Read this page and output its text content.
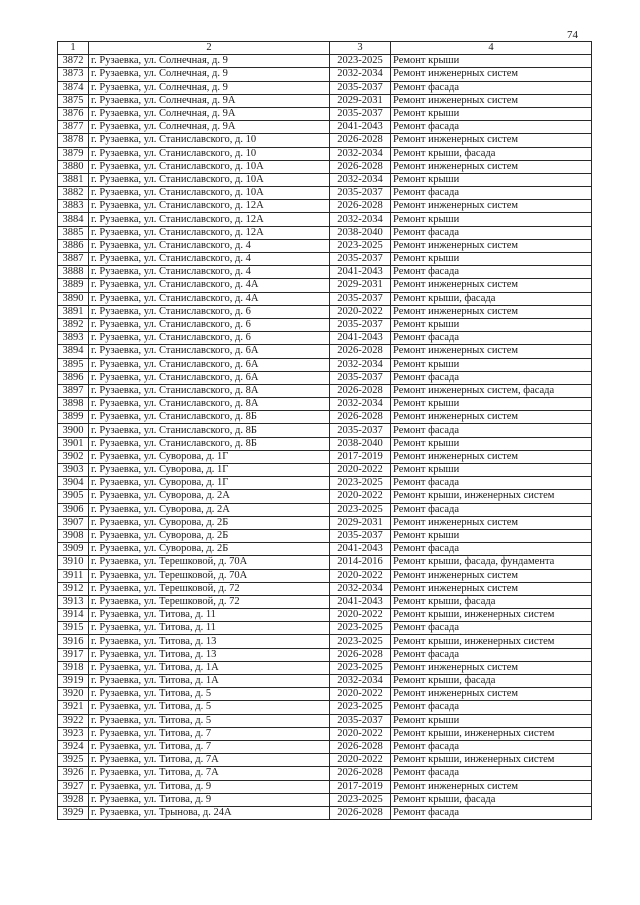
74
1	2	3	4
3872	г. Рузаевка, ул. Солнечная, д. 9	2023-2025	Ремонт крыши
3873	г. Рузаевка, ул. Солнечная, д. 9	2032-2034	Ремонт инженерных систем
3874	г. Рузаевка, ул. Солнечная, д. 9	2035-2037	Ремонт фасада
3875	г. Рузаевка, ул. Солнечная, д. 9А	2029-2031	Ремонт инженерных систем
3876	г. Рузаевка, ул. Солнечная, д. 9А	2035-2037	Ремонт крыши
3877	г. Рузаевка, ул. Солнечная, д. 9А	2041-2043	Ремонт фасада
3878	г. Рузаевка, ул. Станиславского, д. 10	2026-2028	Ремонт инженерных систем
3879	г. Рузаевка, ул. Станиславского, д. 10	2032-2034	Ремонт крыши, фасада
3880	г. Рузаевка, ул. Станиславского, д. 10А	2026-2028	Ремонт инженерных систем
3881	г. Рузаевка, ул. Станиславского, д. 10А	2032-2034	Ремонт крыши
3882	г. Рузаевка, ул. Станиславского, д. 10А	2035-2037	Ремонт фасада
3883	г. Рузаевка, ул. Станиславского, д. 12А	2026-2028	Ремонт инженерных систем
3884	г. Рузаевка, ул. Станиславского, д. 12А	2032-2034	Ремонт крыши
3885	г. Рузаевка, ул. Станиславского, д. 12А	2038-2040	Ремонт фасада
3886	г. Рузаевка, ул. Станиславского, д. 4	2023-2025	Ремонт инженерных систем
3887	г. Рузаевка, ул. Станиславского, д. 4	2035-2037	Ремонт крыши
3888	г. Рузаевка, ул. Станиславского, д. 4	2041-2043	Ремонт фасада
3889	г. Рузаевка, ул. Станиславского, д. 4А	2029-2031	Ремонт инженерных систем
3890	г. Рузаевка, ул. Станиславского, д. 4А	2035-2037	Ремонт крыши, фасада
3891	г. Рузаевка, ул. Станиславского, д. 6	2020-2022	Ремонт инженерных систем
3892	г. Рузаевка, ул. Станиславского, д. 6	2035-2037	Ремонт крыши
3893	г. Рузаевка, ул. Станиславского, д. 6	2041-2043	Ремонт фасада
3894	г. Рузаевка, ул. Станиславского, д. 6А	2026-2028	Ремонт инженерных систем
3895	г. Рузаевка, ул. Станиславского, д. 6А	2032-2034	Ремонт крыши
3896	г. Рузаевка, ул. Станиславского, д. 6А	2035-2037	Ремонт фасада
3897	г. Рузаевка, ул. Станиславского, д. 8А	2026-2028	Ремонт инженерных систем, фасада
3898	г. Рузаевка, ул. Станиславского, д. 8А	2032-2034	Ремонт крыши
3899	г. Рузаевка, ул. Станиславского, д. 8Б	2026-2028	Ремонт инженерных систем
3900	г. Рузаевка, ул. Станиславского, д. 8Б	2035-2037	Ремонт фасада
3901	г. Рузаевка, ул. Станиславского, д. 8Б	2038-2040	Ремонт крыши
3902	г. Рузаевка, ул. Суворова, д. 1Г	2017-2019	Ремонт инженерных систем
3903	г. Рузаевка, ул. Суворова, д. 1Г	2020-2022	Ремонт крыши
3904	г. Рузаевка, ул. Суворова, д. 1Г	2023-2025	Ремонт фасада
3905	г. Рузаевка, ул. Суворова, д. 2А	2020-2022	Ремонт крыши, инженерных систем
3906	г. Рузаевка, ул. Суворова, д. 2А	2023-2025	Ремонт фасада
3907	г. Рузаевка, ул. Суворова, д. 2Б	2029-2031	Ремонт инженерных систем
3908	г. Рузаевка, ул. Суворова, д. 2Б	2035-2037	Ремонт крыши
3909	г. Рузаевка, ул. Суворова, д. 2Б	2041-2043	Ремонт фасада
3910	г. Рузаевка, ул. Терешковой, д. 70А	2014-2016	Ремонт крыши, фасада, фундамента
3911	г. Рузаевка, ул. Терешковой, д. 70А	2020-2022	Ремонт инженерных систем
3912	г. Рузаевка, ул. Терешковой, д. 72	2032-2034	Ремонт инженерных систем
3913	г. Рузаевка, ул. Терешковой, д. 72	2041-2043	Ремонт крыши, фасада
3914	г. Рузаевка, ул. Титова, д. 11	2020-2022	Ремонт крыши, инженерных систем
3915	г. Рузаевка, ул. Титова, д. 11	2023-2025	Ремонт фасада
3916	г. Рузаевка, ул. Титова, д. 13	2023-2025	Ремонт крыши, инженерных систем
3917	г. Рузаевка, ул. Титова, д. 13	2026-2028	Ремонт фасада
3918	г. Рузаевка, ул. Титова, д. 1А	2023-2025	Ремонт инженерных систем
3919	г. Рузаевка, ул. Титова, д. 1А	2032-2034	Ремонт крыши, фасада
3920	г. Рузаевка, ул. Титова, д. 5	2020-2022	Ремонт инженерных систем
3921	г. Рузаевка, ул. Титова, д. 5	2023-2025	Ремонт фасада
3922	г. Рузаевка, ул. Титова, д. 5	2035-2037	Ремонт крыши
3923	г. Рузаевка, ул. Титова, д. 7	2020-2022	Ремонт крыши, инженерных систем
3924	г. Рузаевка, ул. Титова, д. 7	2026-2028	Ремонт фасада
3925	г. Рузаевка, ул. Титова, д. 7А	2020-2022	Ремонт крыши, инженерных систем
3926	г. Рузаевка, ул. Титова, д. 7А	2026-2028	Ремонт фасада
3927	г. Рузаевка, ул. Титова, д. 9	2017-2019	Ремонт инженерных систем
3928	г. Рузаевка, ул. Титова, д. 9	2023-2025	Ремонт крыши, фасада
3929	г. Рузаевка, ул. Трынова, д. 24А	2026-2028	Ремонт фасада
